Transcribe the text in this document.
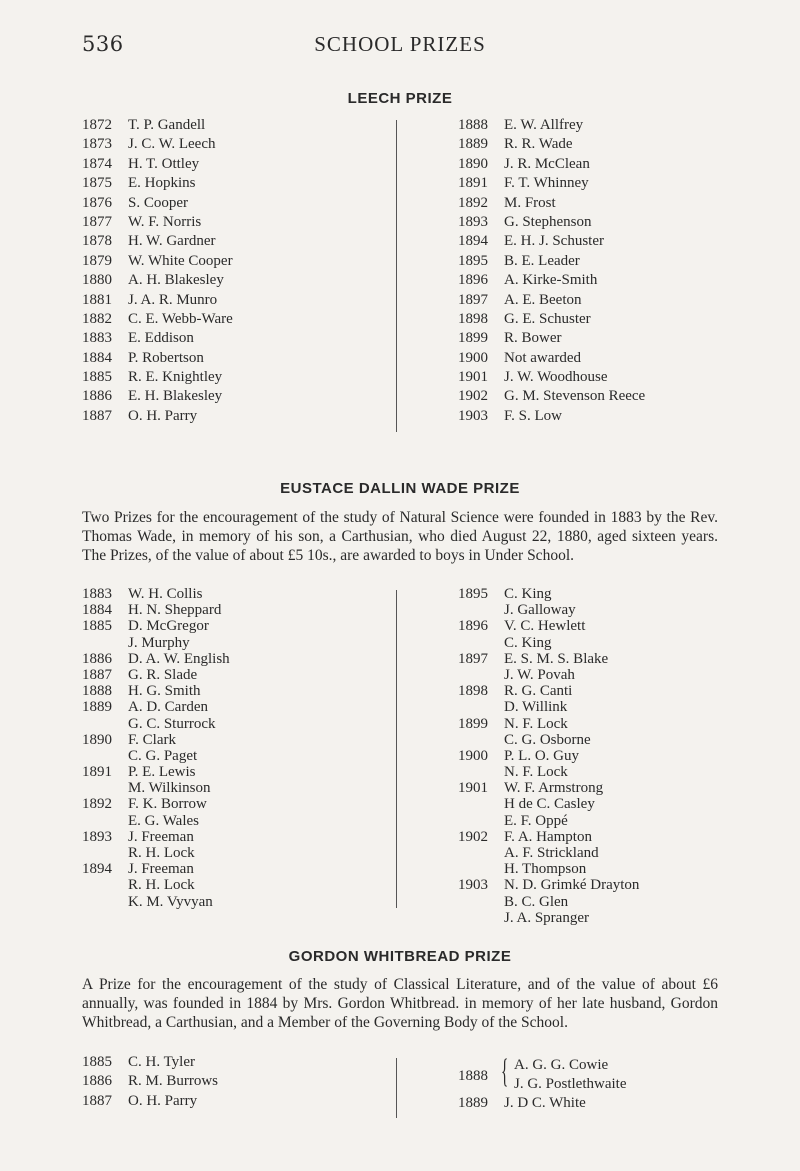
536	SCHOOL PRIZES
LEECH PRIZE
1872	T. P. Gandell
1873	J. C. W. Leech
1874	H. T. Ottley
1875	E. Hopkins
1876	S. Cooper
1877	W. F. Norris
1878	H. W. Gardner
1879	W. White Cooper
1880	A. H. Blakesley
1881	J. A. R. Munro
1882	C. E. Webb-Ware
1883	E. Eddison
1884	P. Robertson
1885	R. E. Knightley
1886	E. H. Blakesley
1887	O. H. Parry
1888	E. W. Allfrey
1889	R. R. Wade
1890	J. R. McClean
1891	F. T. Whinney
1892	M. Frost
1893	G. Stephenson
1894	E. H. J. Schuster
1895	B. E. Leader
1896	A. Kirke-Smith
1897	A. E. Beeton
1898	G. E. Schuster
1899	R. Bower
1900	Not awarded
1901	J. W. Woodhouse
1902	G. M. Stevenson Reece
1903	F. S. Low
EUSTACE DALLIN WADE PRIZE
Two Prizes for the encouragement of the study of Natural Science were founded in 1883 by the Rev. Thomas Wade, in memory of his son, a Carthusian, who died August 22, 1880, aged sixteen years. The Prizes, of the value of about £5 10s., are awarded to boys in Under School.
1883	W. H. Collis
1884	H. N. Sheppard
1885	D. McGregor
J. Murphy
1886	D. A. W. English
1887	G. R. Slade
1888	H. G. Smith
1889	A. D. Carden
G. C. Sturrock
1890	F. Clark
C. G. Paget
1891	P. E. Lewis
M. Wilkinson
1892	F. K. Borrow
E. G. Wales
1893	J. Freeman
R. H. Lock
1894	J. Freeman
R. H. Lock
K. M. Vyvyan
1895	C. King
J. Galloway
1896	V. C. Hewlett
C. King
1897	E. S. M. S. Blake
J. W. Povah
1898	R. G. Canti
D. Willink
1899	N. F. Lock
C. G. Osborne
1900	P. L. O. Guy
N. F. Lock
1901	W. F. Armstrong
H de C. Casley
E. F. Oppé
1902	F. A. Hampton
A. F. Strickland
H. Thompson
1903	N. D. Grimké Drayton
B. C. Glen
J. A. Spranger
GORDON WHITBREAD PRIZE
A Prize for the encouragement of the study of Classical Literature, and of the value of about £6 annually, was founded in 1884 by Mrs. Gordon Whitbread. in memory of her late husband, Gordon Whitbread, a Carthusian, and a Member of the Governing Body of the School.
1885	C. H. Tyler
1886	R. M. Burrows
1887	O. H. Parry
1888 { A. G. G. Cowie
J. G. Postlethwaite
1889 J. D C. White
